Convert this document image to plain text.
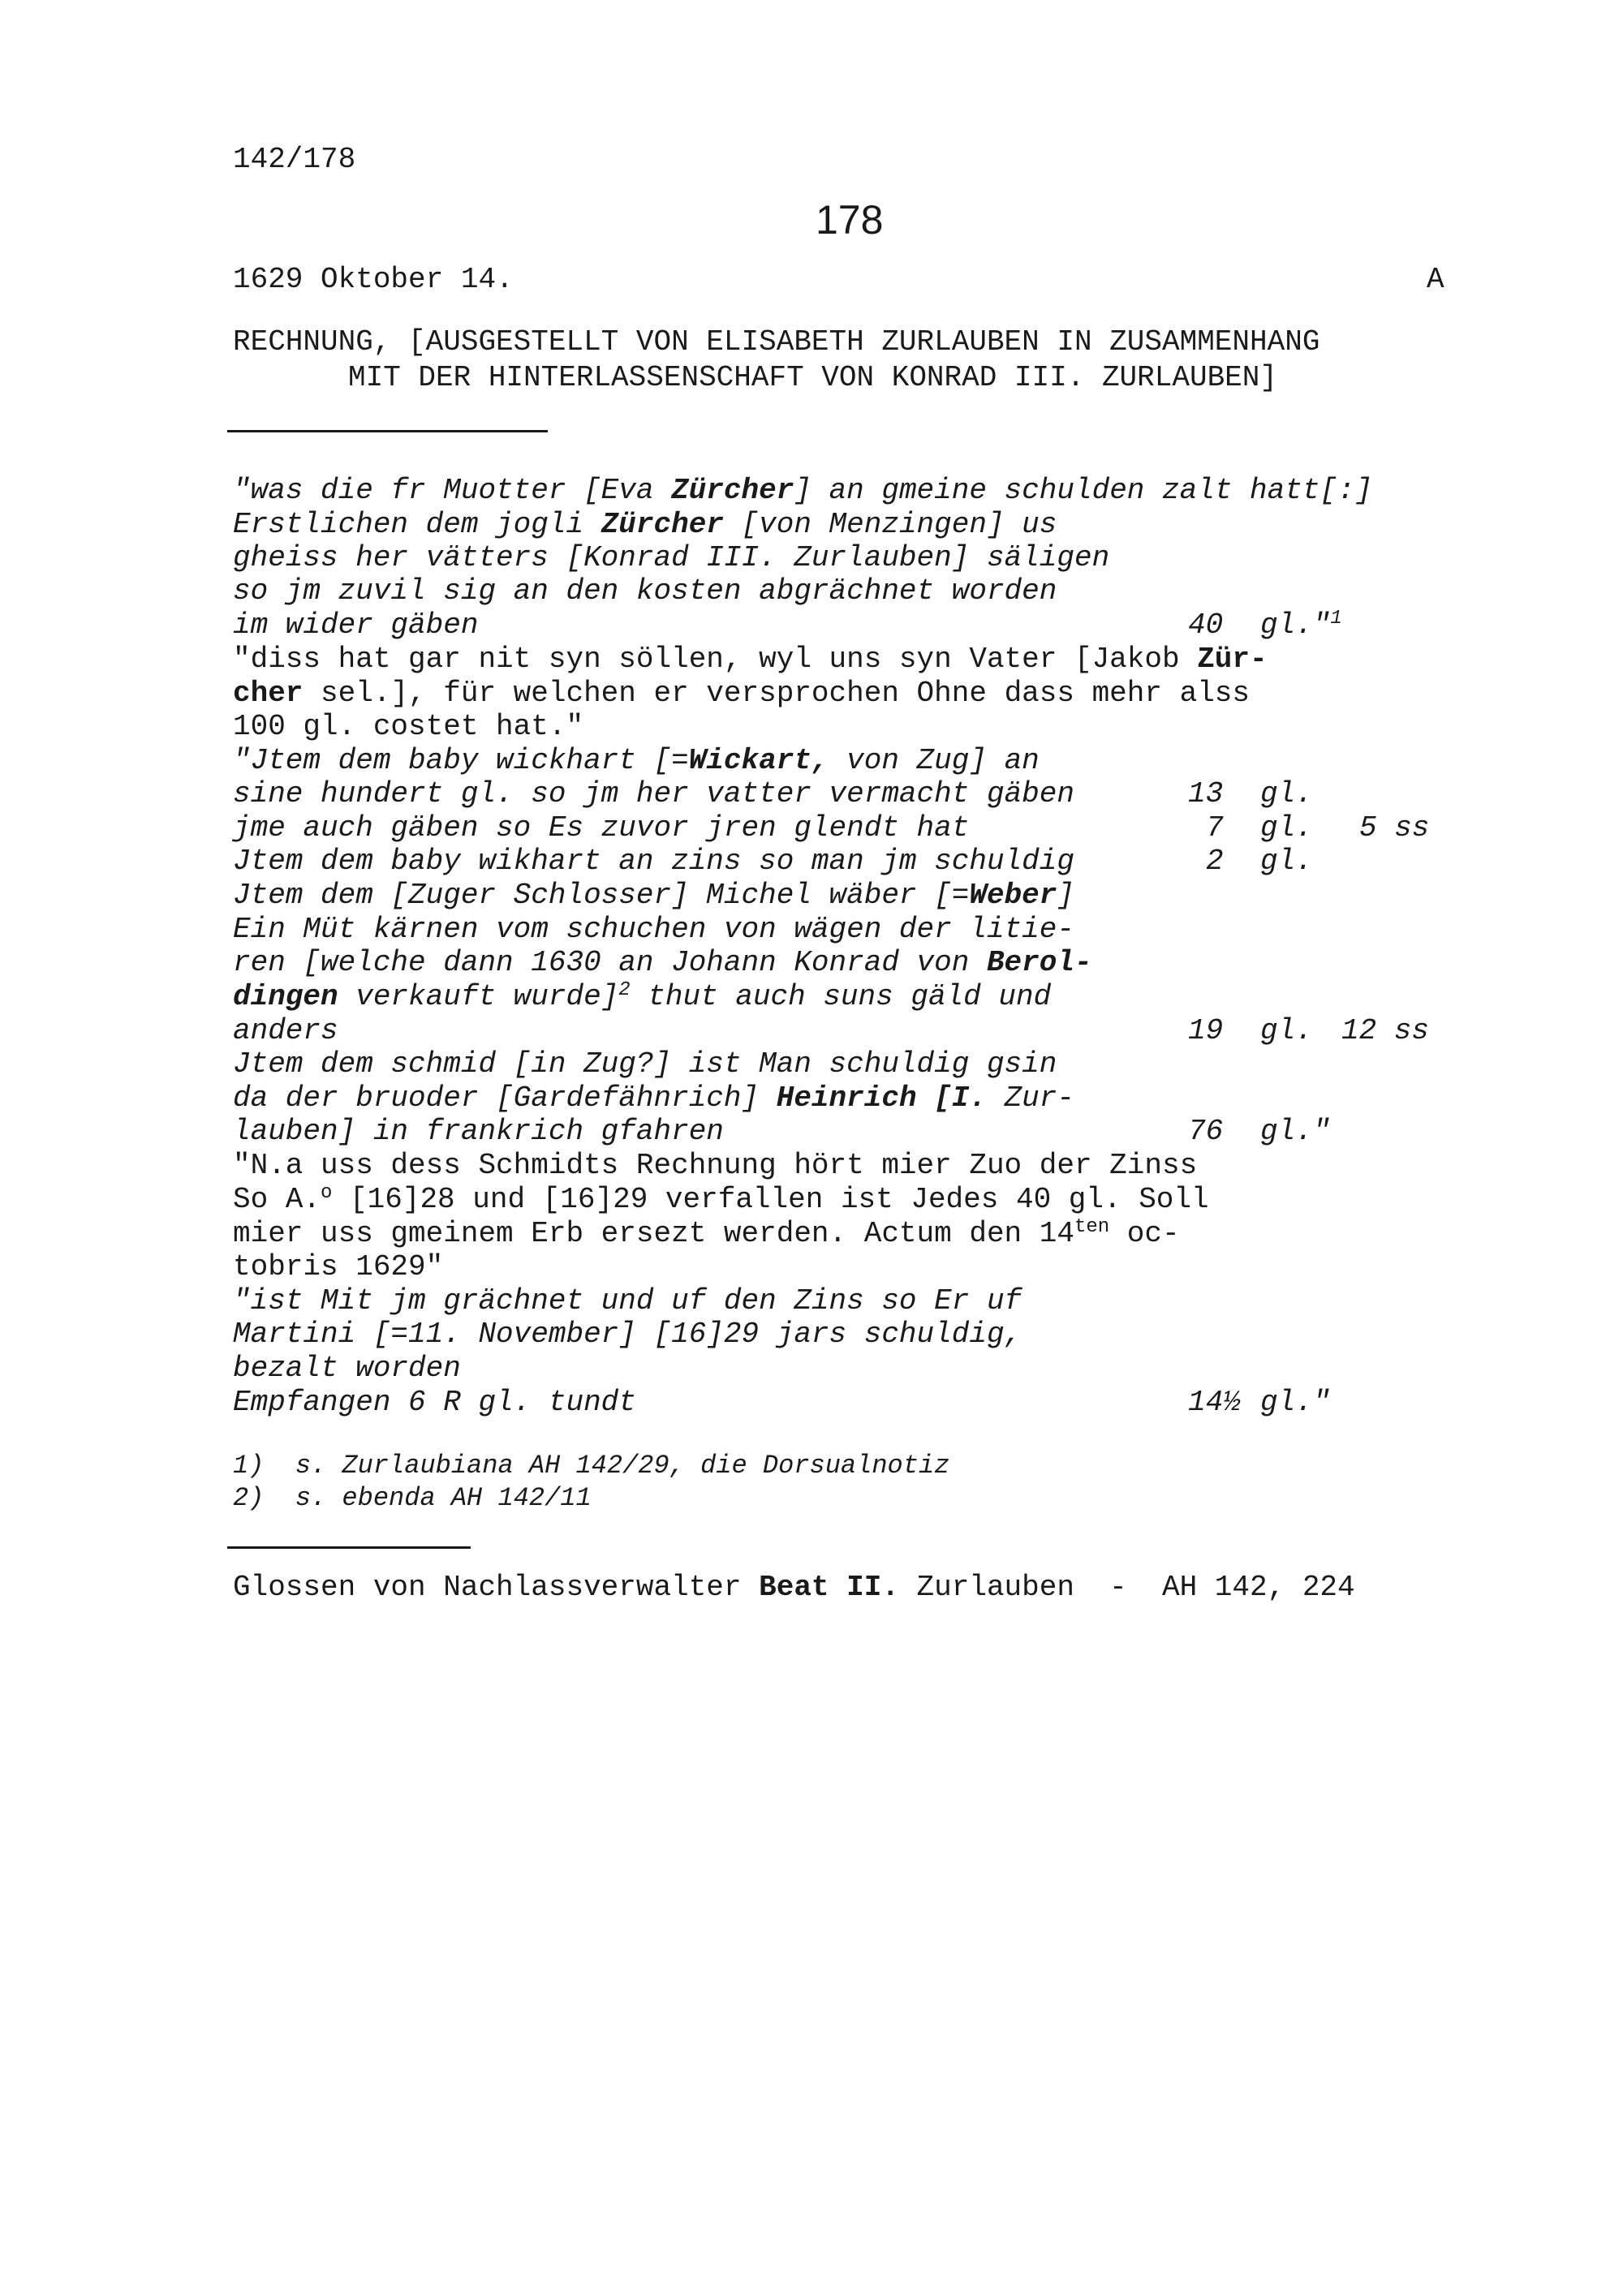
142/178
178
1629 Oktober 14.	A
RECHNUNG, [AUSGESTELLT VON ELISABETH ZURLAUBEN IN ZUSAMMENHANG
MIT DER HINTERLASSENSCHAFT VON KONRAD III. ZURLAUBEN]
"was die fr Muotter [Eva Zürcher] an gmeine schulden zalt hatt[:]
Erstlichen dem jogli Zürcher [von Menzingen] us
gheiss her vätters [Konrad III. Zurlauben] säligen
so jm zuvil sig an den kosten abgrächnet worden
im wider gäben	40 gl."$^1$
"diss hat gar nit syn söllen, wyl uns syn Vater [Jakob Zür-
cher sel.], für welchen er versprochen Ohne dass mehr alss
100 gl. costet hat."
"Jtem dem baby wickhart [=Wickart, von Zug] an
sine hundert gl. so jm her vatter vermacht gäben	13 gl.
jme auch gäben so Es zuvor jren glendt hat	7 gl. 5 ss
Jtem dem baby wikhart an zins so man jm schuldig	2 gl.
Jtem dem [Zuger Schlosser] Michel wäber [=Weber]
Ein Müt kärnen vom schuchen von wägen der litie-
ren [welche dann 1630 an Johann Konrad von Berol-
dingen verkauft wurde]$^2$ thut auch suns gäld und
anders	19 gl. 12 ss
Jtem dem schmid [in Zug?] ist Man schuldig gsin
da der bruoder [Gardefähnrich] Heinrich [I. Zur-
lauben] in frankrich gfahren	76 gl."
"N.a uss dess Schmidts Rechnung hört mier Zuo der Zinss
So A.$^o$ [16]28 und [16]29 verfallen ist Jedes 40 gl. Soll
mier uss gmeinem Erb ersezt werden. Actum den $14^{ten}$ oc-
tobris 1629"
"ist Mit jm grächnet und uf den Zins so Er uf
Martini [=11. November] [16]29 jars schuldig,
bezalt worden
Empfangen 6 R gl. tundt	14½ gl."
1)  s. Zurlaubiana AH 142/29, die Dorsualnotiz
2)  s. ebenda AH 142/11
Glossen von Nachlassverwalter Beat II. Zurlauben  -  AH 142, 224
